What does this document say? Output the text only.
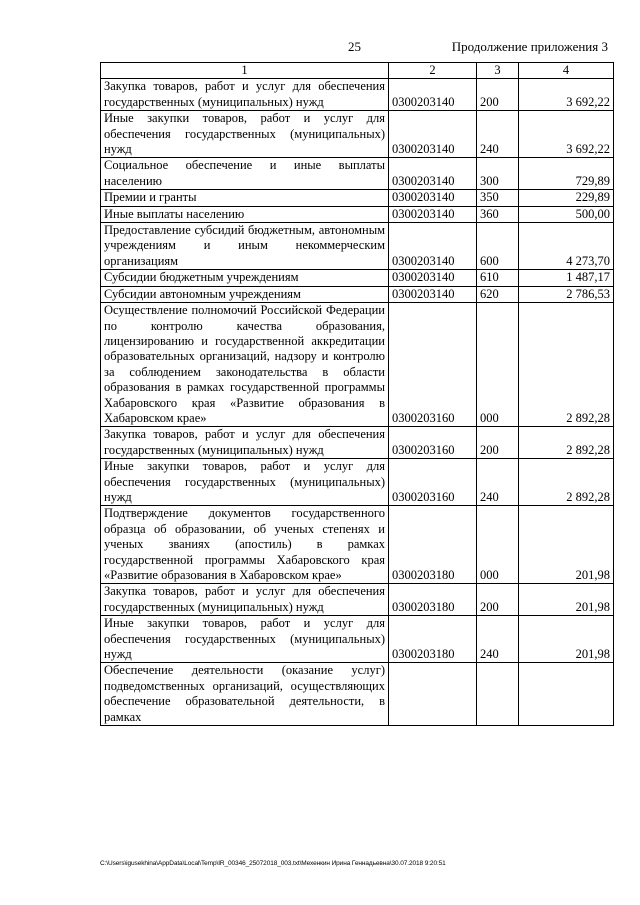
25	Продолжение приложения 3
1	2	3	4
Закупка товаров, работ и услуг для обеспечения государственных (муниципальных) нужд	0300203140	200	3 692,22
Иные закупки товаров, работ и услуг для обеспечения государственных (муниципальных) нужд	0300203140	240	3 692,22
Социальное обеспечение и иные выплаты населению	0300203140	300	729,89
Премии и гранты	0300203140	350	229,89
Иные выплаты населению	0300203140	360	500,00
Предоставление субсидий бюджетным, автономным учреждениям и иным некоммерческим организациям	0300203140	600	4 273,70
Субсидии бюджетным учреждениям	0300203140	610	1 487,17
Субсидии автономным учреждениям	0300203140	620	2 786,53
Осуществление полномочий Российской Федерации по контролю качества образования, лицензированию и государственной аккредитации образовательных организаций, надзору и контролю за соблюдением законодательства в области образования в рамках государственной программы Хабаровского края «Развитие образования в Хабаровском крае»	0300203160	000	2 892,28
Закупка товаров, работ и услуг для обеспечения государственных (муниципальных) нужд	0300203160	200	2 892,28
Иные закупки товаров, работ и услуг для обеспечения государственных (муниципальных) нужд	0300203160	240	2 892,28
Подтверждение документов государственного образца об образовании, об ученых степенях и ученых званиях (апостиль) в рамках государственной программы Хабаровского края «Развитие образования в Хабаровском крае»	0300203180	000	201,98
Закупка товаров, работ и услуг для обеспечения государственных (муниципальных) нужд	0300203180	200	201,98
Иные закупки товаров, работ и услуг для обеспечения государственных (муниципальных) нужд	0300203180	240	201,98
Обеспечение деятельности (оказание услуг) подведомственных организаций, осуществляющих обеспечение образовательной деятельности, в рамках			
C:\Users\igusekhina\AppData\Local\Temp\IR_00346_25072018_003.txt\Мехенкин Ирина Геннадьевна\30.07.2018 9:20:51
